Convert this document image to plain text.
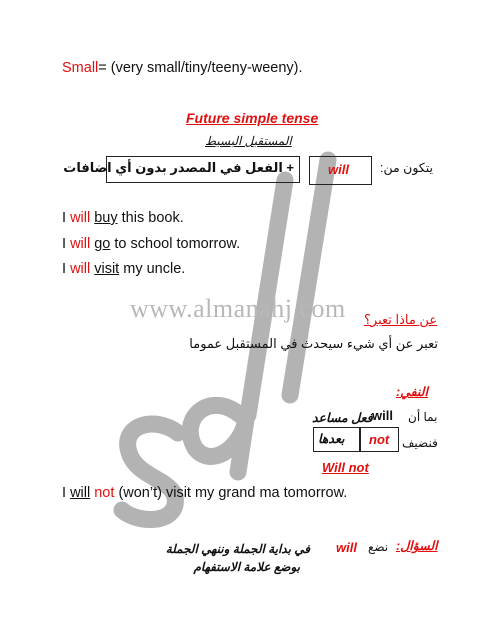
www.almanahj.com
Small= (very small/tiny/teeny-weeny).
Future simple tense
المستقبل البسيط
+ الفعل في المصدر بدون أي اضافات	will يتكون من:
I will buy this book.
I will go to school tomorrow.
I will visit my uncle.
عن ماذا تعبر؟
تعبر عن أي شيء سيحدث في المستقبل عموما
النفي:
بما أن
will
فعل مساعد
فنضيف
not
بعدها
Will not
I will not (won’t) visit my grand ma tomorrow.
السؤال:
نضع
will
في بداية الجملة وننهي الجملة
بوضع علامة الاستفهام
